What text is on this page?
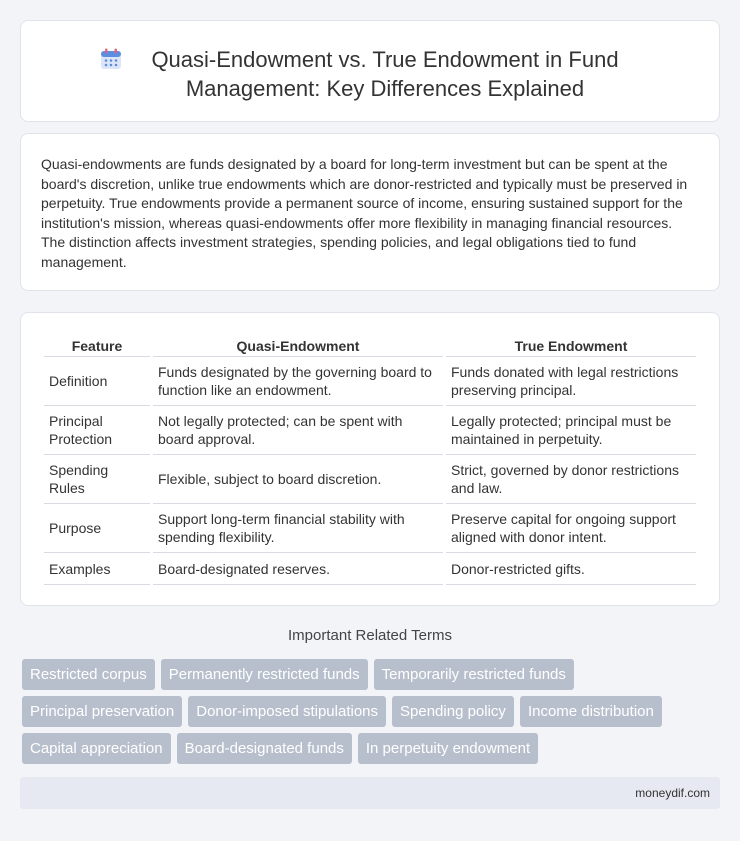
Quasi-Endowment vs. True Endowment in Fund Management: Key Differences Explained

Quasi-endowments are funds designated by a board for long-term investment but can be spent at the board's discretion, unlike true endowments which are donor-restricted and typically must be preserved in perpetuity. True endowments provide a permanent source of income, ensuring sustained support for the institution's mission, whereas quasi-endowments offer more flexibility in managing financial resources. The distinction affects investment strategies, spending policies, and legal obligations tied to fund management.

Feature	Quasi-Endowment	True Endowment
Definition	Funds designated by the governing board to function like an endowment.	Funds donated with legal restrictions preserving principal.
Principal Protection	Not legally protected; can be spent with board approval.	Legally protected; principal must be maintained in perpetuity.
Spending Rules	Flexible, subject to board discretion.	Strict, governed by donor restrictions and law.
Purpose	Support long-term financial stability with spending flexibility.	Preserve capital for ongoing support aligned with donor intent.
Examples	Board-designated reserves.	Donor-restricted gifts.
Important Related Terms
Restricted corpus	Permanently restricted funds	Temporarily restricted funds
Principal preservation	Donor-imposed stipulations	Spending policy	Income distribution
Capital appreciation	Board-designated funds	In perpetuity endowment
moneydif.com
